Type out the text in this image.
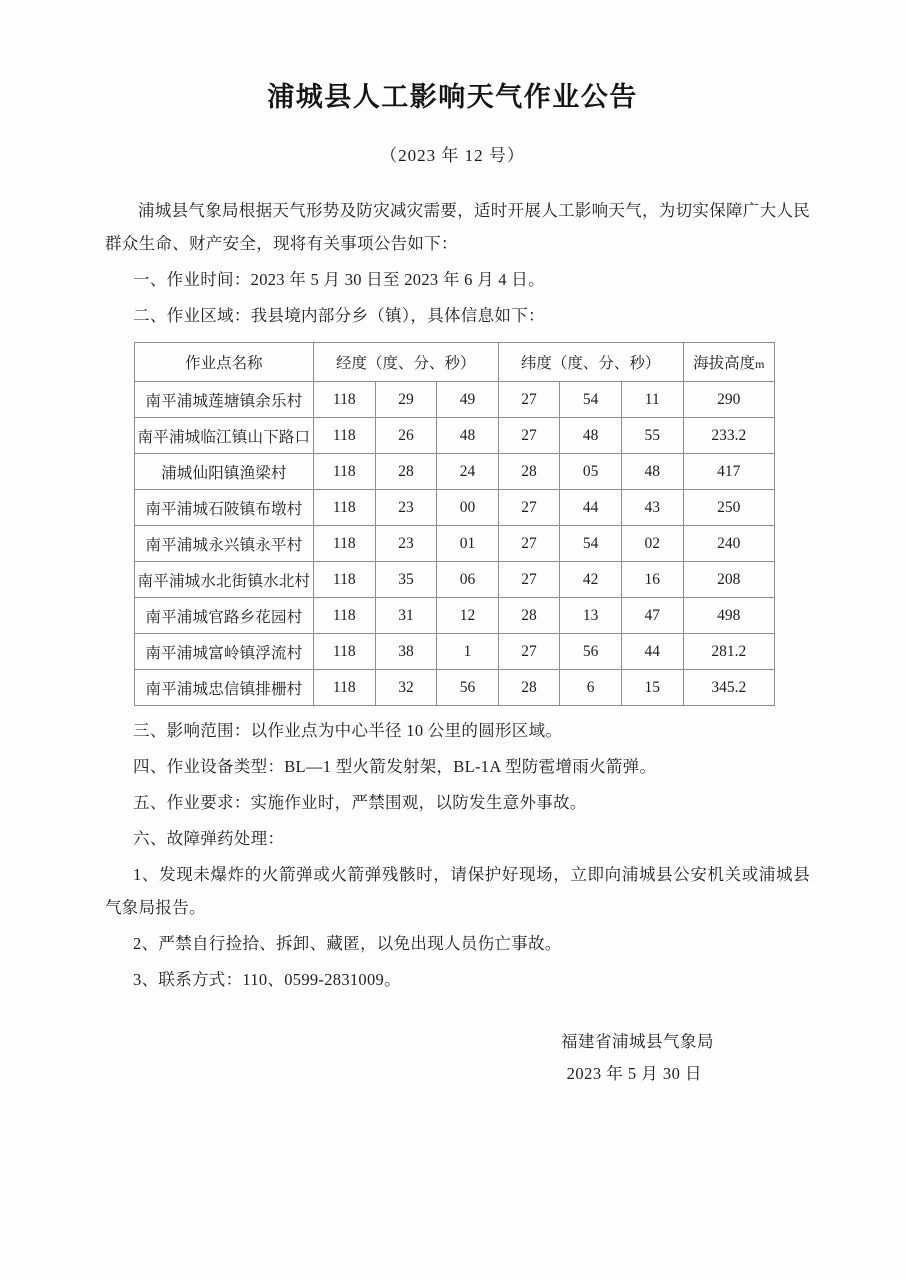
浦城县人工影响天气作业公告
（2023 年 12 号）

浦城县气象局根据天气形势及防灾减灾需要，适时开展人工影响天气，为切实保障广大人民群众生命、财产安全，现将有关事项公告如下：

一、作业时间：2023 年 5 月 30 日至 2023 年 6 月 4 日。

二、作业区域：我县境内部分乡（镇），具体信息如下：

作业点名称	经度（度、分、秒）			纬度（度、分、秒）			海拔高度m
南平浦城莲塘镇余乐村	118	29	49	27	54	11	290
南平浦城临江镇山下路口	118	26	48	27	48	55	233.2
浦城仙阳镇渔梁村	118	28	24	28	05	48	417
南平浦城石陂镇布墩村	118	23	00	27	44	43	250
南平浦城永兴镇永平村	118	23	01	27	54	02	240
南平浦城水北街镇水北村	118	35	06	27	42	16	208
南平浦城官路乡花园村	118	31	12	28	13	47	498
南平浦城富岭镇浮流村	118	38	1	27	56	44	281.2
南平浦城忠信镇排栅村	118	32	56	28	6	15	345.2

三、影响范围：以作业点为中心半径 10 公里的圆形区域。

四、作业设备类型：BL—1 型火箭发射架，BL-1A 型防雹增雨火箭弹。

五、作业要求：实施作业时，严禁围观，以防发生意外事故。

六、故障弹药处理：

1、发现未爆炸的火箭弹或火箭弹残骸时，请保护好现场，立即向浦城县公安机关或浦城县气象局报告。

2、严禁自行捡拾、拆卸、藏匿，以免出现人员伤亡事故。

3、联系方式：110、0599-2831009。

福建省浦城县气象局
2023 年 5 月 30 日
